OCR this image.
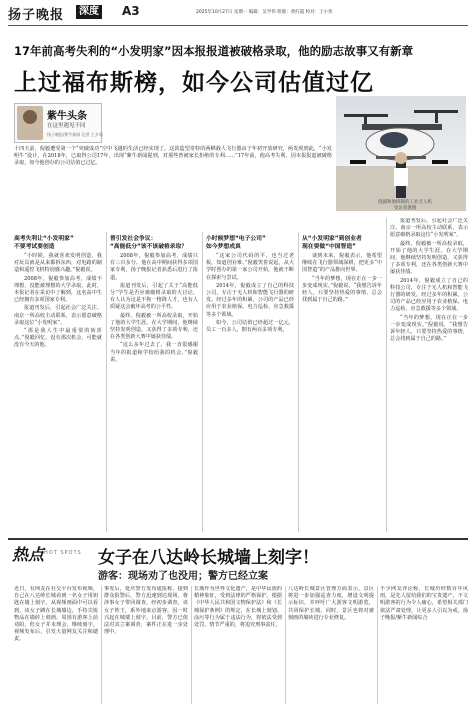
扬子晚报	深度 A3	2025年10月27日 星期一 编辑：吴学伟 组版：黄红霞 校对：王小侠
17年前高考失利的“小发明家”因本报报道被破格录取，他的励志故事又有新章
上过福布斯榜，如今公司估值过亿
紫牛头条
在这里遇见不同
扬子晚报/紫牛新闻 记者 王夕茹
倪毅和他研制的工业无人机
受访者供图
十四天前，倪毅遭受第一个“突破成功”空中飞越的生活已经实现了。这款造型奇特的两栖载人飞行器由于年初开放研究，两发现到此，“小发明牛”设计，在2018年，已取得公司17年，出现“紫牛新闻提到，对那些曾被家长拒绝的专利……”17年前，他高考失利，因本报报道被破格录取，如今他创办的公司估值已过亿。
高考失利让“小发明家”
不要考试要创造

“小时候，我就喜欢发明创造，我对玩具就是从来都拆东西，对电路的制造和遥控飞机特别感兴趣。”倪毅说。

2008年，倪毅参加高考，成绩不理想，没能被理想的大学录取。此时，本报记者在采访中了解到，这名高中生已经拥有多项国家专利。

报道刊发后，引起社会广泛关注。南京一所高校主动联系，表示愿意破格录取这位“小发明家”。

“那是我人生中最重要的转折点。”倪毅回忆，没有那次机会，可能就没有今天的他。

曾引发社会争议：
“高能低分”该不该破格录取？

2008年，倪毅参加高考，成绩只有三百多分。他在高中期间获得多项国家专利，扬子晚报记者获悉后进行了报道。

报道刊发后，引起了关于“高能低分”学生是否应被破格录取的大讨论。有人认为这是不拘一格降人才，也有人质疑这会破坏高考的公平性。

最终，倪毅被一所高校录取，开始了他的大学生涯。在大学期间，他继续坚持发明创造，又获得了多项专利，还在各类创新大赛中屡获佳绩。

“这么多年过去了，我一直很感谢当年的报道和学校给我的机会。”倪毅说。

小时候梦想“电子公司”
如今梦想成真

“这家公司代码的平，也当过老板，知道创业难。”倪毅笑着说起，从大学时创办的第一家公司开始，他就不断在探索与尝试。

2014年，倪毅成立了自己的科技公司，专注于无人机和智能飞行器的研发。经过多年的积累，公司的产品已经应用于农业植保、电力巡检、应急救援等多个领域。

如今，公司估值已经超过一亿元，员工一百多人，拥有两百多项专利。

从“小发明家”到创业者
现在要做“中国智造”

谈到未来，倪毅表示，他希望继续在飞行器领域深耕，把更多“中国智造”的产品推向世界。

“当年的梦想，现在正在一步一步变成现实。”倪毅说，“我想告诉年轻人，只要坚持热爱的事情，总会找到属于自己的路。”

报道刊发后，引起社会广泛关注。南京一所高校主动联系，表示愿意破格录取这位“小发明家”。

最终，倪毅被一所高校录取，开始了他的大学生涯。在大学期间，他继续坚持发明创造，又获得了多项专利，还在各类创新大赛中屡获佳绩。

2014年，倪毅成立了自己的科技公司，专注于无人机和智能飞行器的研发。经过多年的积累，公司的产品已经应用于农业植保、电力巡检、应急救援等多个领域。

“当年的梦想，现在正在一步一步变成现实。”倪毅说，“我想告诉年轻人，只要坚持热爱的事情，总会找到属于自己的路。”

热点 HOT SPOTS 女子在八达岭长城墙上刻字！
游客：现场劝了也没用；警方已经立案
近日，有网友在社交平台发布视频，自己在八达岭长城看到一名女子用钥匙在墙上刻字。从视频画面中可以看到，该女子蹲在长城墙边，手持尖锐物品在墙砖上刻画，周围有游客上前劝阻，但女子并未理会，继续刻字。视频发布后，引发大量网友关注和谴责。
事发后，延庆警方发布通报称，接到群众报警后，警方迅速到达现场，将涉事女子带回调查。经初步调查，该女子姓王，系外地来京游客，因一时兴起在城墙上刻字。目前，警方已依法对其立案调查，案件正在进一步处理中。
长城作为世界文化遗产，是中华民族的精神象征，受到法律的严格保护。根据《中华人民共和国文物保护法》和《长城保护条例》的规定，在长城上刻划、涂污等行为属于违法行为，将依法受到处罚，情节严重的，将追究刑事责任。
八达岭长城景区管理方面表示，景区将进一步加强巡查力度，增设文明提示标识，并呼吁广大游客文明游览，共同保护长城。同时，景区也将对被刻画的墙砖进行专业修复。
不少网友评论称，长城历经数百年风雨，是先人留给我们的宝贵遗产，不文明游客的行为令人痛心，希望相关部门依法严肃处理，让更多人引以为戒。扬子晚报/紫牛新闻综合
